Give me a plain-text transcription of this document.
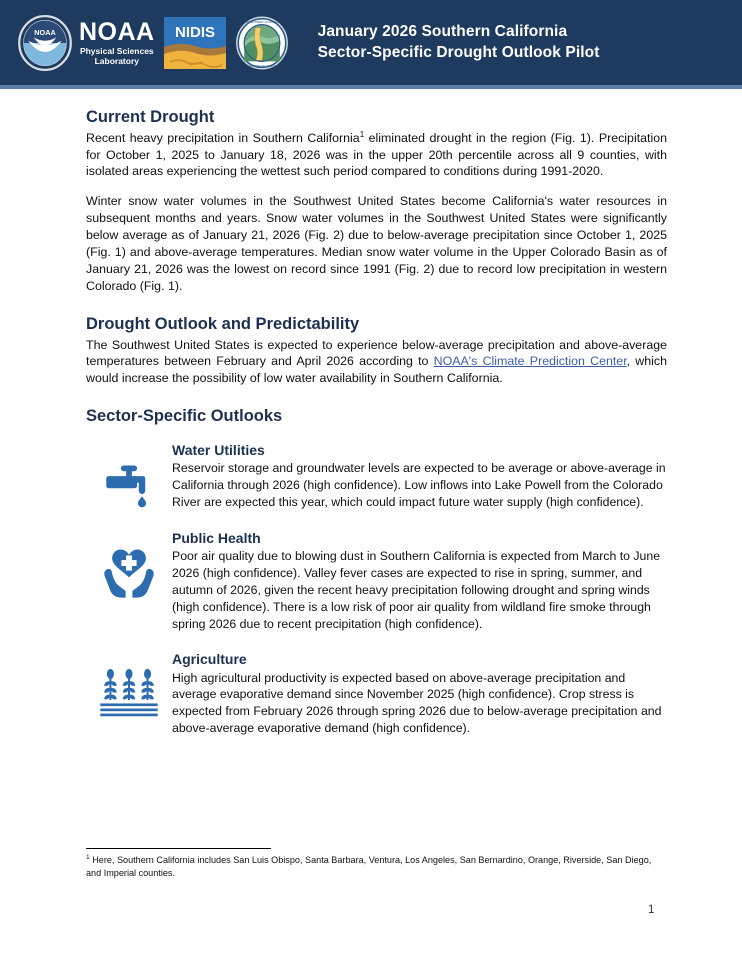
NOAA NOAA
Physical Sciences
Laboratory
NIDIS
DEPARTMENT OF WATER
STATE OF CALIFORNIA
January 2026 Southern California
Sector-Specific Drought Outlook Pilot
Current Drought

Recent heavy precipitation in Southern California$^1$ eliminated drought in the region (Fig. 1). Precipitation for October 1, 2025 to January 18, 2026 was in the upper 20th percentile across all 9 counties, with isolated areas experiencing the wettest such period compared to conditions during 1991-2020.

Winter snow water volumes in the Southwest United States become California's water resources in subsequent months and years. Snow water volumes in the Southwest United States were significantly below average as of January 21, 2026 (Fig. 2) due to below-average precipitation since October 1, 2025 (Fig. 1) and above-average temperatures. Median snow water volume in the Upper Colorado Basin as of January 21, 2026 was the lowest on record since 1991 (Fig. 2) due to record low precipitation in western Colorado (Fig. 1).

Drought Outlook and Predictability

The Southwest United States is expected to experience below-average precipitation and above-average temperatures between February and April 2026 according to NOAA's Climate Prediction Center, which would increase the possibility of low water availability in Southern California.

Sector-Specific Outlooks
Water Utilities

Reservoir storage and groundwater levels are expected to be average or above-average in California through 2026 (high confidence). Low inflows into Lake Powell from the Colorado River are expected this year, which could impact future water supply (high confidence).

Public Health

Poor air quality due to blowing dust in Southern California is expected from March to June 2026 (high confidence). Valley fever cases are expected to rise in spring, summer, and autumn of 2026, given the recent heavy precipitation following drought and spring winds (high confidence). There is a low risk of poor air quality from wildland fire smoke through spring 2026 due to recent precipitation (high confidence).

Agriculture

High agricultural productivity is expected based on above-average precipitation and average evaporative demand since November 2025 (high confidence). Crop stress is expected from February 2026 through spring 2026 due to below-average precipitation and above-average evaporative demand (high confidence).

$^1$ Here, Southern California includes San Luis Obispo, Santa Barbara, Ventura, Los Angeles, San Bernardino, Orange, Riverside, San Diego, and Imperial counties.

1
